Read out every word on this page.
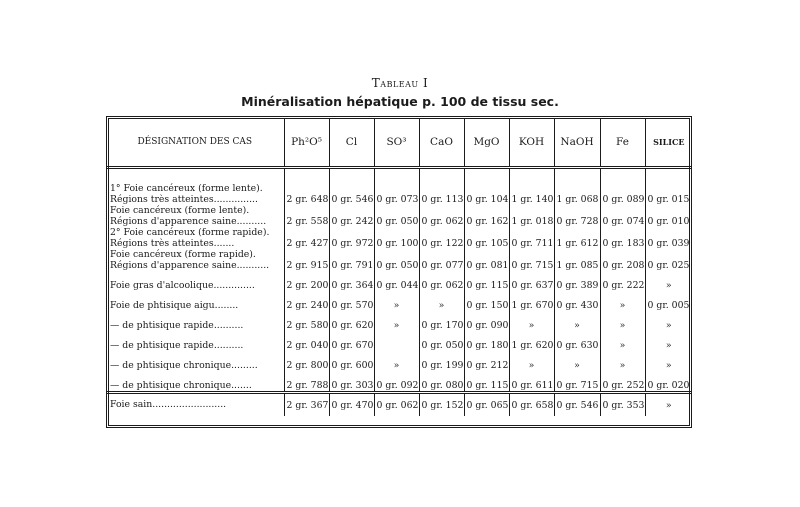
Tableau I
Minéralisation hépatique p. 100 de tissu sec.
DÉSIGNATION DES CAS	Ph²O⁵	Cl	SO³	CaO	MgO	KOH	NaOH	Fe	SILICE

1° Foie cancéreux (forme lente). Régions très atteintes...............	2 gr. 648	0 gr. 546	0 gr. 073	0 gr. 113	0 gr. 104	1 gr. 140	1 gr. 068	0 gr. 089	0 gr. 015
Foie cancéreux (forme lente). Régions d'apparence saine..........	2 gr. 558	0 gr. 242	0 gr. 050	0 gr. 062	0 gr. 162	1 gr. 018	0 gr. 728	0 gr. 074	0 gr. 010
2° Foie cancéreux (forme rapide). Régions très atteintes.......	2 gr. 427	0 gr. 972	0 gr. 100	0 gr. 122	0 gr. 105	0 gr. 711	1 gr. 612	0 gr. 183	0 gr. 039
Foie cancéreux (forme rapide). Régions d'apparence saine...........	2 gr. 915	0 gr. 791	0 gr. 050	0 gr. 077	0 gr. 081	0 gr. 715	1 gr. 085	0 gr. 208	0 gr. 025
Foie gras d'alcoolique..............	2 gr. 200	0 gr. 364	0 gr. 044	0 gr. 062	0 gr. 115	0 gr. 637	0 gr. 389	0 gr. 222	»
Foie de phtisique aigu........	2 gr. 240	0 gr. 570	»	»	0 gr. 150	1 gr. 670	0 gr. 430	»	0 gr. 005
— de phtisique rapide..........	2 gr. 580	0 gr. 620	»	0 gr. 170	0 gr. 090	»	»	»	»
— de phtisique rapide..........	2 gr. 040	0 gr. 670		0 gr. 050	0 gr. 180	1 gr. 620	0 gr. 630	»	»
— de phtisique chronique.........	2 gr. 800	0 gr. 600	»	0 gr. 199	0 gr. 212	»	»	»	»
— de phtisique chronique.......	2 gr. 788	0 gr. 303	0 gr. 092	0 gr. 080	0 gr. 115	0 gr. 611	0 gr. 715	0 gr. 252	0 gr. 020
Foie sain.........................	2 gr. 367	0 gr. 470	0 gr. 062	0 gr. 152	0 gr. 065	0 gr. 658	0 gr. 546	0 gr. 353	»
